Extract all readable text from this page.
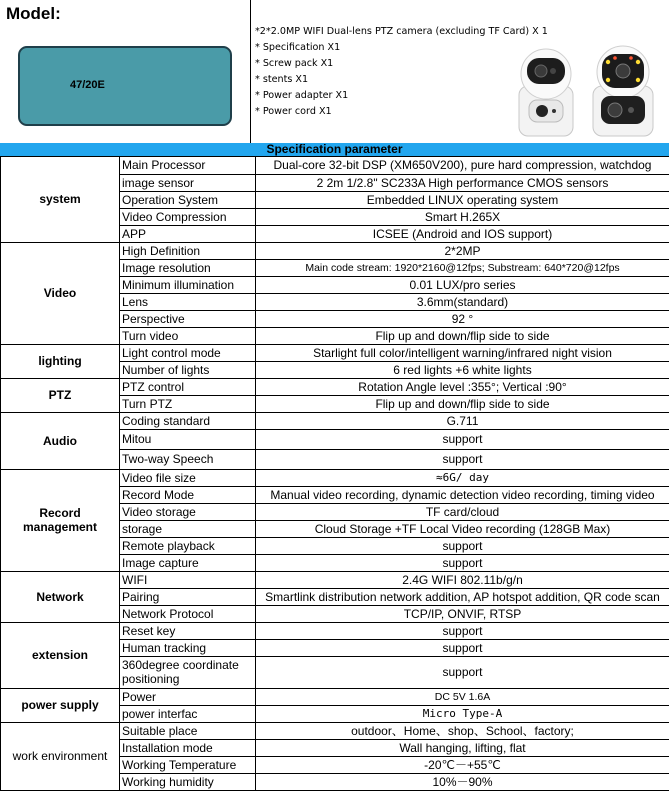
Model:
47/20E
*2*2.0MP WIFI Dual-lens PTZ camera (excluding TF Card) X 1
* Specification X1
* Screw pack X1
* stents X1
* Power adapter X1
* Power cord X1
Specification parameter
system	Main Processor	Dual-core 32-bit DSP (XM650V200), pure hard compression, watchdog
	image sensor	2 2m 1/2.8" SC233A High performance CMOS sensors
	Operation System	Embedded LINUX operating system
	Video Compression	Smart H.265X
	APP	ICSEE (Android and IOS support)
Video	High Definition	2*2MP
	Image resolution	Main code stream: 1920*2160@12fps; Substream: 640*720@12fps
	Minimum illumination	0.01 LUX/pro series
	Lens	3.6mm(standard)
	Perspective	92 °
	Turn video	Flip up and down/flip side to side
lighting	Light control mode	Starlight full color/intelligent warning/infrared night vision
	Number of lights	6 red lights +6 white lights
PTZ	PTZ control	Rotation Angle level :355°; Vertical :90°
	Turn PTZ	Flip up and down/flip side to side
Audio	Coding standard	G.711
	Mitou	support
	Two-way Speech	support
Record management	Video file size	≈6G/ day
	Record Mode	Manual video recording, dynamic detection video recording, timing video
	Video storage	TF card/cloud
	storage	Cloud Storage +TF Local Video recording (128GB Max)
	Remote playback	support
	Image capture	support
Network	WIFI	2.4G WIFI 802.11b/g/n
	Pairing	Smartlink distribution network addition, AP hotspot addition, QR code scan
	Network Protocol	TCP/IP, ONVIF, RTSP
extension	Reset key	support
	Human tracking	support
	360degree coordinate positioning	support
power supply	Power	DC 5V 1.6A
	power interfac	Micro Type-A
work environment	Suitable place	outdoor、Home、shop、School、factory;
	Installation mode	Wall hanging, lifting, flat
	Working Temperature	-20℃－+55℃
	Working humidity	10%－90%
